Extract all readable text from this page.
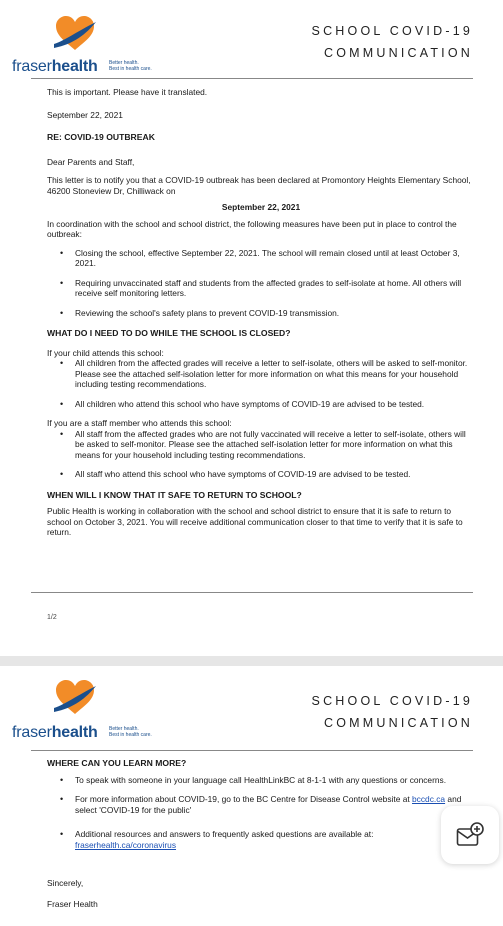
fraserhealth Better health.
Best in health care.
SCHOOL COVID-19
COMMUNICATION

This is important. Please have it translated.

September 22, 2021

RE: COVID-19 OUTBREAK

Dear Parents and Staff,

This letter is to notify you that a COVID-19 outbreak has been declared at Promontory Heights Elementary School, 46200 Stoneview Dr, Chilliwack on

September 22, 2021

In coordination with the school and school district, the following measures have been put in place to control the outbreak:

• Closing the school, effective September 22, 2021. The school will remain closed until at least October 3, 2021.
• Requiring unvaccinated staff and students from the affected grades to self-isolate at home. All others will receive self monitoring letters.
• Reviewing the school's safety plans to prevent COVID-19 transmission.

WHAT DO I NEED TO DO WHILE THE SCHOOL IS CLOSED?

If your child attends this school:

• All children from the affected grades will receive a letter to self-isolate, others will be asked to self-monitor. Please see the attached self-isolation letter for more information on what this means for your household including testing recommendations.
• All children who attend this school who have symptoms of COVID-19 are advised to be tested.

If you are a staff member who attends this school:

• All staff from the affected grades who are not fully vaccinated will receive a letter to self-isolate, others will be asked to self-monitor. Please see the attached self-isolation letter for more information on what this means for your household including testing recommendations.
• All staff who attend this school who have symptoms of COVID-19 are advised to be tested.

WHEN WILL I KNOW THAT IT SAFE TO RETURN TO SCHOOL?

Public Health is working in collaboration with the school and school district to ensure that it is safe to return to school on October 3, 2021. You will receive additional communication closer to that time to verify that it is safe to return.

1/2
fraserhealth Better health.
Best in health care.
SCHOOL COVID-19
COMMUNICATION

WHERE CAN YOU LEARN MORE?

• To speak with someone in your language call HealthLinkBC at 8-1-1 with any questions or concerns.
• For more information about COVID-19, go to the BC Centre for Disease Control website at bccdc.ca and select 'COVID-19 for the public'
• Additional resources and answers to frequently asked questions are available at: fraserhealth.ca/coronavirus

Sincerely,

Fraser Health
